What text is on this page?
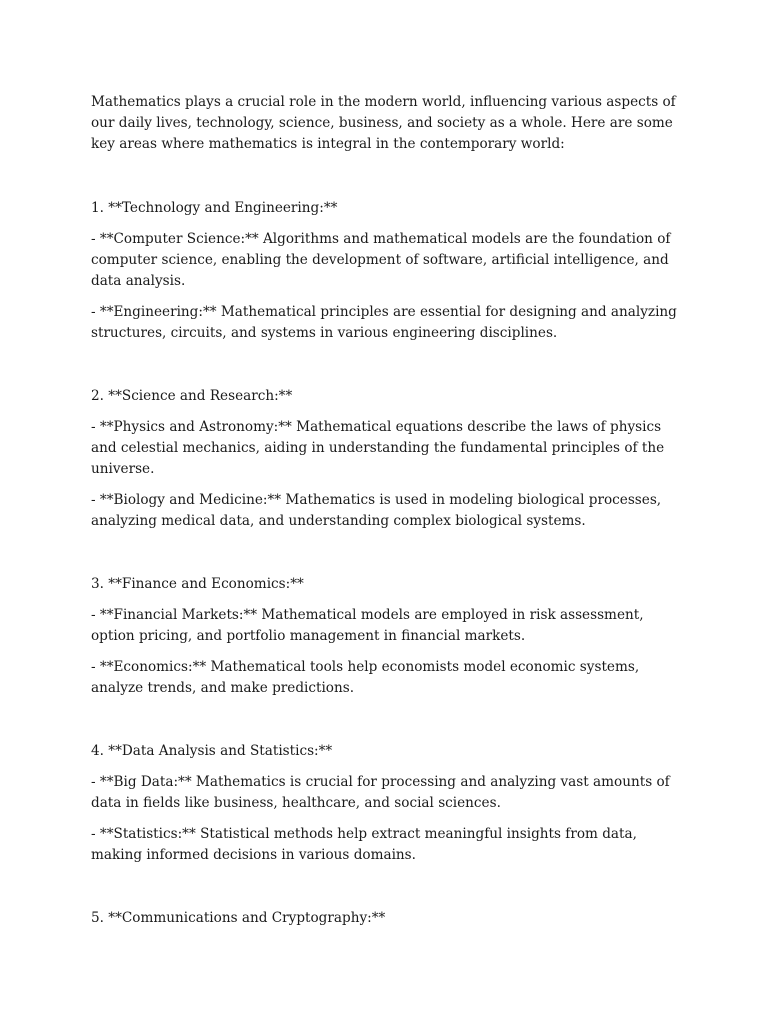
Mathematics plays a crucial role in the modern world, influencing various aspects of our daily lives, technology, science, business, and society as a whole. Here are some key areas where mathematics is integral in the contemporary world:

1. **Technology and Engineering:**

- **Computer Science:** Algorithms and mathematical models are the foundation of computer science, enabling the development of software, artificial intelligence, and data analysis.

- **Engineering:** Mathematical principles are essential for designing and analyzing structures, circuits, and systems in various engineering disciplines.

2. **Science and Research:**

- **Physics and Astronomy:** Mathematical equations describe the laws of physics and celestial mechanics, aiding in understanding the fundamental principles of the universe.

- **Biology and Medicine:** Mathematics is used in modeling biological processes, analyzing medical data, and understanding complex biological systems.

3. **Finance and Economics:**

- **Financial Markets:** Mathematical models are employed in risk assessment, option pricing, and portfolio management in financial markets.

- **Economics:** Mathematical tools help economists model economic systems, analyze trends, and make predictions.

4. **Data Analysis and Statistics:**

- **Big Data:** Mathematics is crucial for processing and analyzing vast amounts of data in fields like business, healthcare, and social sciences.

- **Statistics:** Statistical methods help extract meaningful insights from data, making informed decisions in various domains.

5. **Communications and Cryptography:**
